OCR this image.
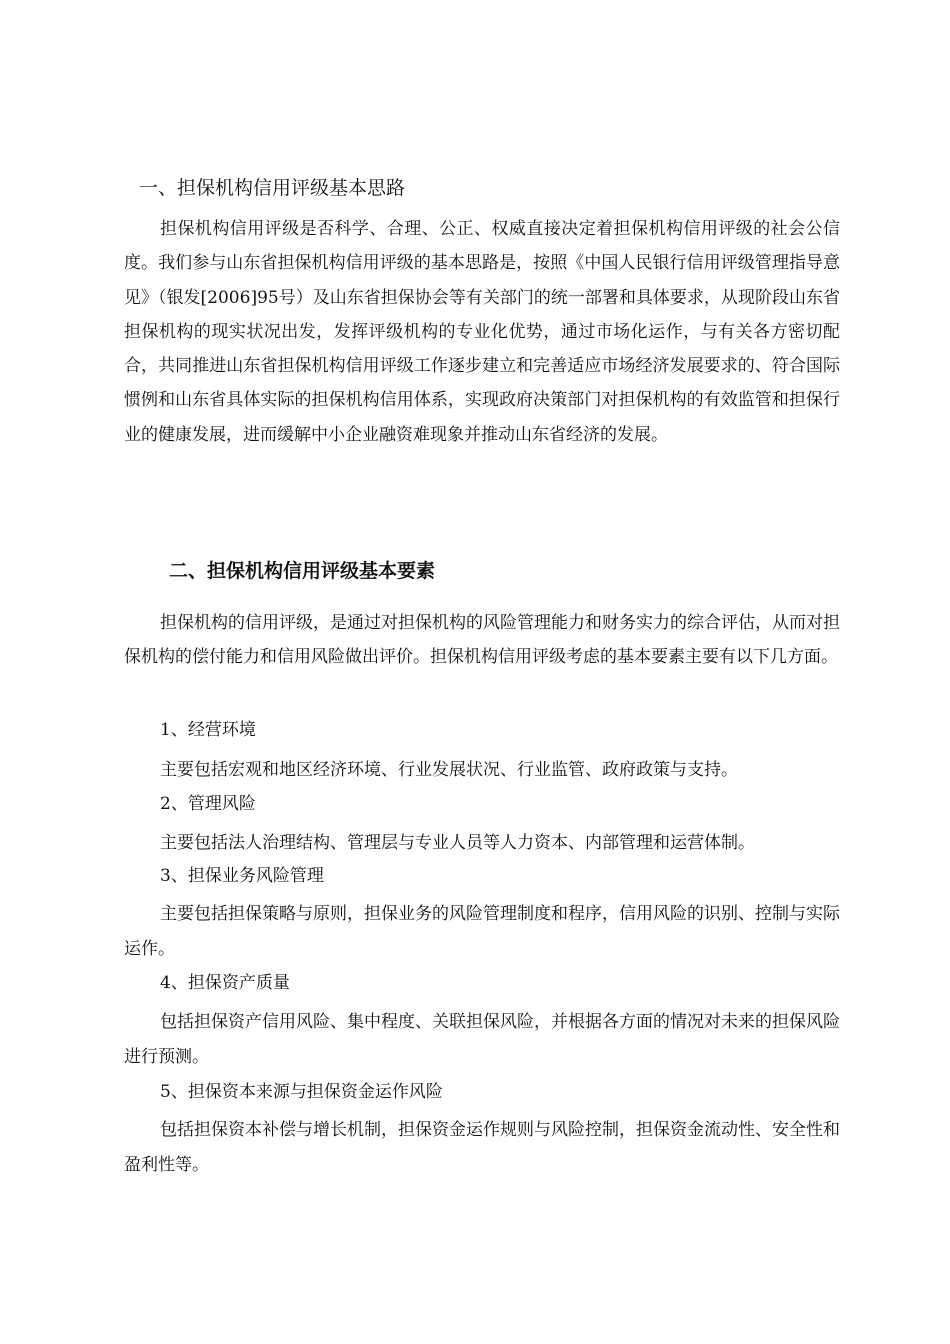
一、担保机构信用评级基本思路

担保机构信用评级是否科学、合理、公正、权威直接决定着担保机构信用评级的社会公信度。我们参与山东省担保机构信用评级的基本思路是，按照《中国人民银行信用评级管理指导意见》（银发[2006]95号）及山东省担保协会等有关部门的统一部署和具体要求，从现阶段山东省担保机构的现实状况出发，发挥评级机构的专业化优势，通过市场化运作，与有关各方密切配合，共同推进山东省担保机构信用评级工作逐步建立和完善适应市场经济发展要求的、符合国际惯例和山东省具体实际的担保机构信用体系，实现政府决策部门对担保机构的有效监管和担保行业的健康发展，进而缓解中小企业融资难现象并推动山东省经济的发展。

二、担保机构信用评级基本要素

担保机构的信用评级，是通过对担保机构的风险管理能力和财务实力的综合评估，从而对担保机构的偿付能力和信用风险做出评价。担保机构信用评级考虑的基本要素主要有以下几方面。

1、经营环境

主要包括宏观和地区经济环境、行业发展状况、行业监管、政府政策与支持。

2、管理风险

主要包括法人治理结构、管理层与专业人员等人力资本、内部管理和运营体制。

3、担保业务风险管理

主要包括担保策略与原则，担保业务的风险管理制度和程序，信用风险的识别、控制与实际运作。

4、担保资产质量

包括担保资产信用风险、集中程度、关联担保风险，并根据各方面的情况对未来的担保风险进行预测。

5、担保资本来源与担保资金运作风险

包括担保资本补偿与增长机制，担保资金运作规则与风险控制，担保资金流动性、安全性和盈利性等。
